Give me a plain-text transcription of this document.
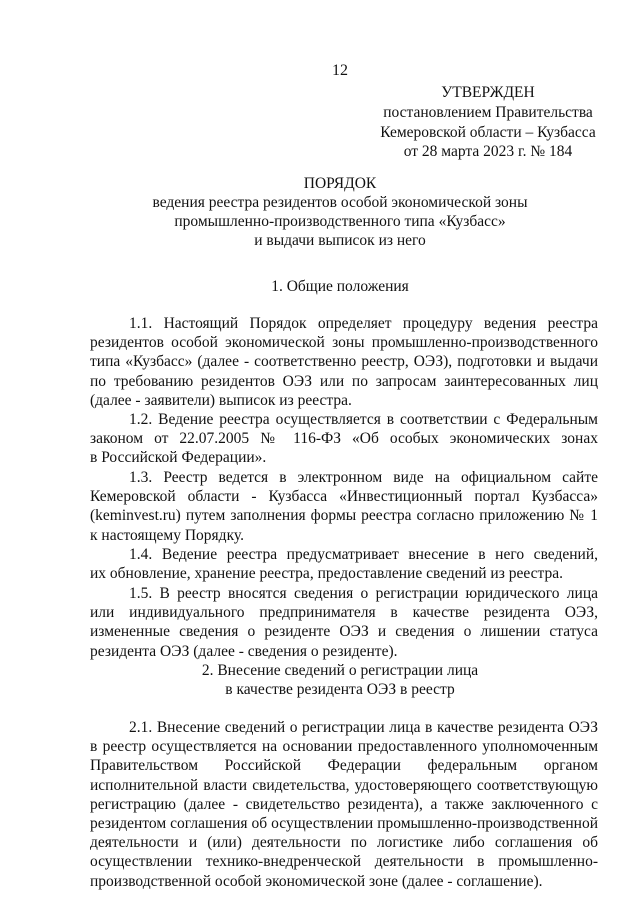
12
УТВЕРЖДЕН
постановлением Правительства
Кемеровской области – Кузбасса
от 28 марта 2023 г. № 184
ПОРЯДОК
ведения реестра резидентов особой экономической зоны
промышленно-производственного типа «Кузбасс»
и выдачи выписок из него
1. Общие положения
1.1. Настоящий Порядок определяет процедуру ведения реестра
резидентов особой экономической зоны промышленно-производственного
типа «Кузбасс» (далее - соответственно реестр, ОЭЗ), подготовки и выдачи
по требованию резидентов ОЭЗ или по запросам заинтересованных лиц
(далее - заявители) выписок из реестра.
1.2. Ведение реестра осуществляется в соответствии с Федеральным
законом от 22.07.2005 № 116-ФЗ «Об особых экономических зонах
в Российской Федерации».
1.3. Реестр ведется в электронном виде на официальном сайте
Кемеровской области - Кузбасса «Инвестиционный портал Кузбасса»
(keminvest.ru) путем заполнения формы реестра согласно приложению № 1
к настоящему Порядку.
1.4. Ведение реестра предусматривает внесение в него сведений,
их обновление, хранение реестра, предоставление сведений из реестра.
1.5. В реестр вносятся сведения о регистрации юридического лица
или индивидуального предпринимателя в качестве резидента ОЭЗ,
измененные сведения о резиденте ОЭЗ и сведения о лишении статуса
резидента ОЭЗ (далее - сведения о резиденте).
2. Внесение сведений о регистрации лица
в качестве резидента ОЭЗ в реестр
2.1. Внесение сведений о регистрации лица в качестве резидента ОЭЗ
в реестр осуществляется на основании предоставленного уполномоченным
Правительством Российской Федерации федеральным органом
исполнительной власти свидетельства, удостоверяющего соответствующую
регистрацию (далее - свидетельство резидента), а также заключенного с
резидентом соглашения об осуществлении промышленно-производственной
деятельности и (или) деятельности по логистике либо соглашения об
осуществлении технико-внедренческой деятельности в промышленно-
производственной особой экономической зоне (далее - соглашение).
